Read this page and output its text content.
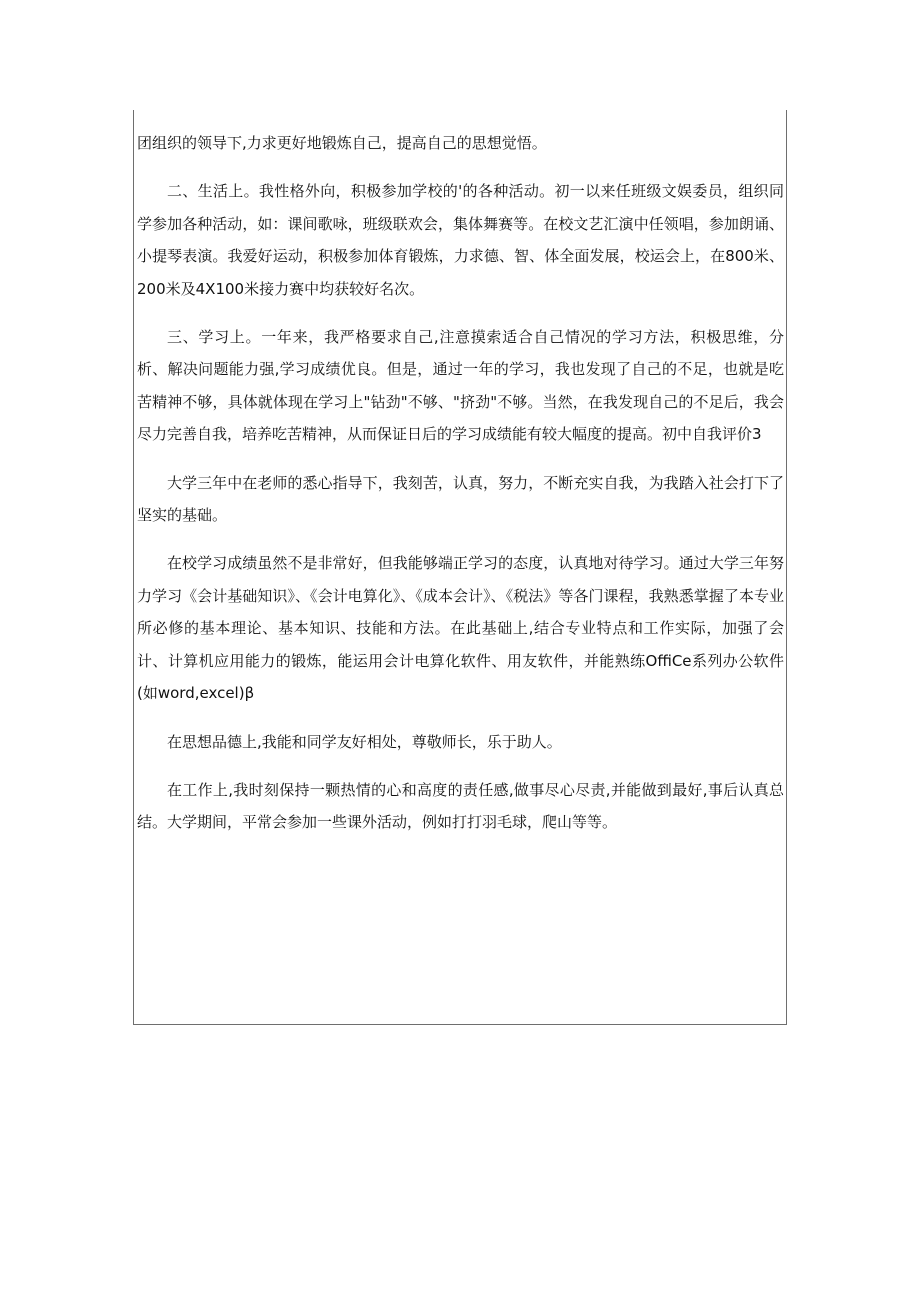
团组织的领导下,力求更好地锻炼自己，提高自己的思想觉悟。

二、生活上。我性格外向，积极参加学校的'的各种活动。初一以来任班级文娱委员，组织同学参加各种活动，如：课间歌咏，班级联欢会，集体舞赛等。在校文艺汇演中任领唱，参加朗诵、小提琴表演。我爱好运动，积极参加体育锻炼，力求德、智、体全面发展，校运会上，在800米、200米及4X100米接力赛中均获较好名次。

三、学习上。一年来，我严格要求自己,注意摸索适合自己情况的学习方法，积极思维，分析、解决问题能力强,学习成绩优良。但是，通过一年的学习，我也发现了自己的不足，也就是吃苦精神不够，具体就体现在学习上"钻劲"不够、"挤劲"不够。当然，在我发现自己的不足后，我会尽力完善自我，培养吃苦精神，从而保证日后的学习成绩能有较大幅度的提高。初中自我评价3

大学三年中在老师的悉心指导下，我刻苦，认真，努力，不断充实自我，为我踏入社会打下了坚实的基础。

在校学习成绩虽然不是非常好，但我能够端正学习的态度，认真地对待学习。通过大学三年努力学习《会计基础知识》、《会计电算化》、《成本会计》、《税法》等各门课程，我熟悉掌握了本专业所必修的基本理论、基本知识、技能和方法。在此基础上,结合专业特点和工作实际，加强了会计、计算机应用能力的锻炼，能运用会计电算化软件、用友软件，并能熟练OffiCe系列办公软件(如word,excel)β

在思想品德上,我能和同学友好相处，尊敬师长，乐于助人。

在工作上,我时刻保持一颗热情的心和高度的责任感,做事尽心尽责,并能做到最好,事后认真总结。大学期间，平常会参加一些课外活动，例如打打羽毛球，爬山等等。
